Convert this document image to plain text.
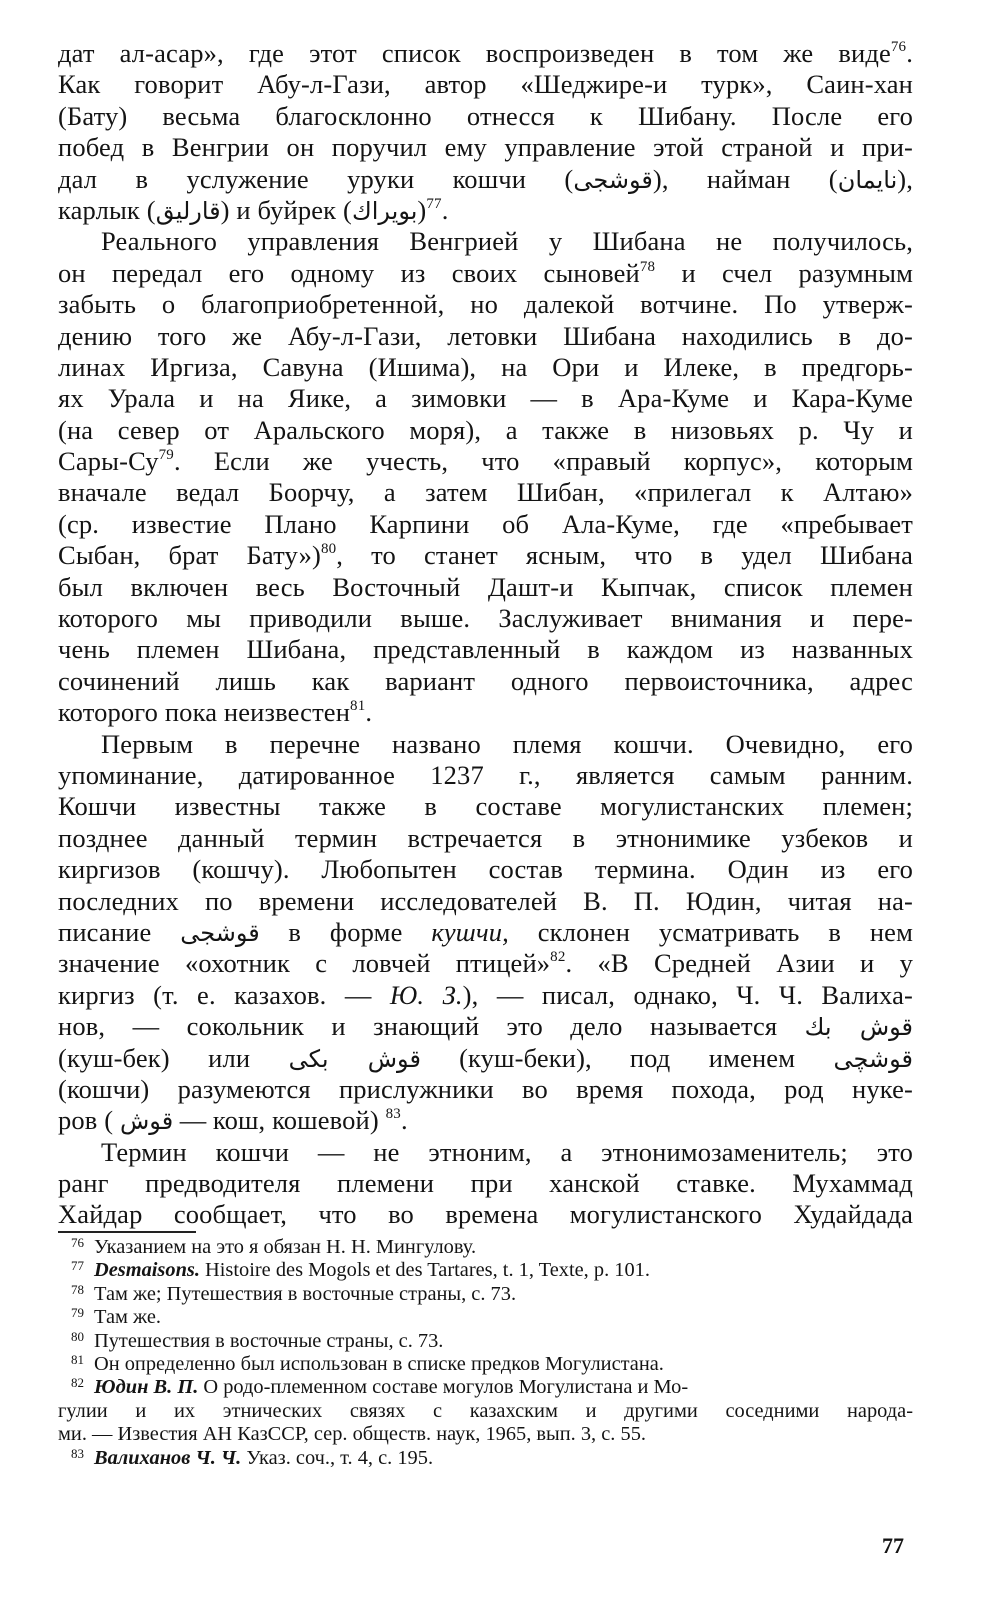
дат ал-асар», где этот список воспроизведен в том же виде$^{76}$.
Как говорит Абу-л-Гази, автор «Шеджире-и турк», Саин-хан
(Бату) весьма благосклонно отнесся к Шибану. После его
побед в Венгрии он поручил ему управление этой страной и при-
дал в услужение уруки кошчи (قوشجى), найман (نايمان),
карлык (قارليق) и буйрек (بويراك)$^{77}$.
Реального управления Венгрией у Шибана не получилось,
он передал его одному из своих сыновей$^{78}$ и счел разумным
забыть о благоприобретенной, но далекой вотчине. По утверж-
дению того же Абу-л-Гази, летовки Шибана находились в до-
линах Иргиза, Савуна (Ишима), на Ори и Илеке, в предгорь-
ях Урала и на Яике, а зимовки — в Ара-Куме и Кара-Куме
(на север от Аральского моря), а также в низовьях р. Чу и
Сары-$Су^{79}$. Если же учесть, что «правый корпус», которым
вначале ведал Боорчу, а затем Шибан, «прилегал к Алтаю»
(ср. известие Плано Карпини об Ала-Куме, где «пребывает
Сыбан, брат Бату»)$^{80}$, то станет ясным, что в удел Шибана
был включен весь Восточный Дашт-и Кыпчак, список племен
которого мы приводили выше. Заслуживает внимания и пере-
чень племен Шибана, представленный в каждом из названных
сочинений лишь как вариант одного первоисточника, адрес
которого пока неизвестен$^{81}$.
Первым в перечне названо племя кошчи. Очевидно, его
упоминание, датированное 1237 г., является самым ранним.
Кошчи известны также в составе могулистанских племен;
позднее данный термин встречается в этнонимике узбеков и
киргизов (кошчу). Любопытен состав термина. Один из его
последних по времени исследователей В. П. Юдин, читая на-
писание قوشجى в форме кушчи, склонен усматривать в нем
значение «охотник с ловчей птицей»$^{82}$. «В Средней Азии и у
киргиз (т. е. казахов. — Ю. З.), — писал, однако, Ч. Ч. Валиха-
нов, — сокольник и знающий это дело называется قوش بك
(куш-бек) или قوش بكى (куш-беки), под именем قوشچى
(кошчи) разумеются прислужники во время похода, род нуке-
ров ( قوش — кош, кошевой) $^{83}$.
Термин кошчи — не этноним, а этнонимозаменитель; это
ранг предводителя племени при ханской ставке. Мухаммад
Хайдар сообщает, что во времена могулистанского Худайдада
$^{76}$ Указанием на это я обязан Н. Н. Мингулову.
$^{77}$ Desmaisons. Histoire des Mogols et des Tartares, t. 1, Texte, p. 101.
$^{78}$ Там же; Путешествия в восточные страны, с. 73.
$^{79}$ Там же.
$^{80}$ Путешествия в восточные страны, с. 73.
$^{81}$ Он определенно был использован в списке предков Могулистана.
$^{82}$ Юдин В. П. О родо-племенном составе могулов Могулистана и Мо-
гулии и их этнических связях с казахским и другими соседними народа-
ми. — Известия АН КазССР, сер. обществ. наук, 1965, вып. 3, с. 55.
$^{83}$ Валиханов Ч. Ч. Указ. соч., т. 4, с. 195.
77
